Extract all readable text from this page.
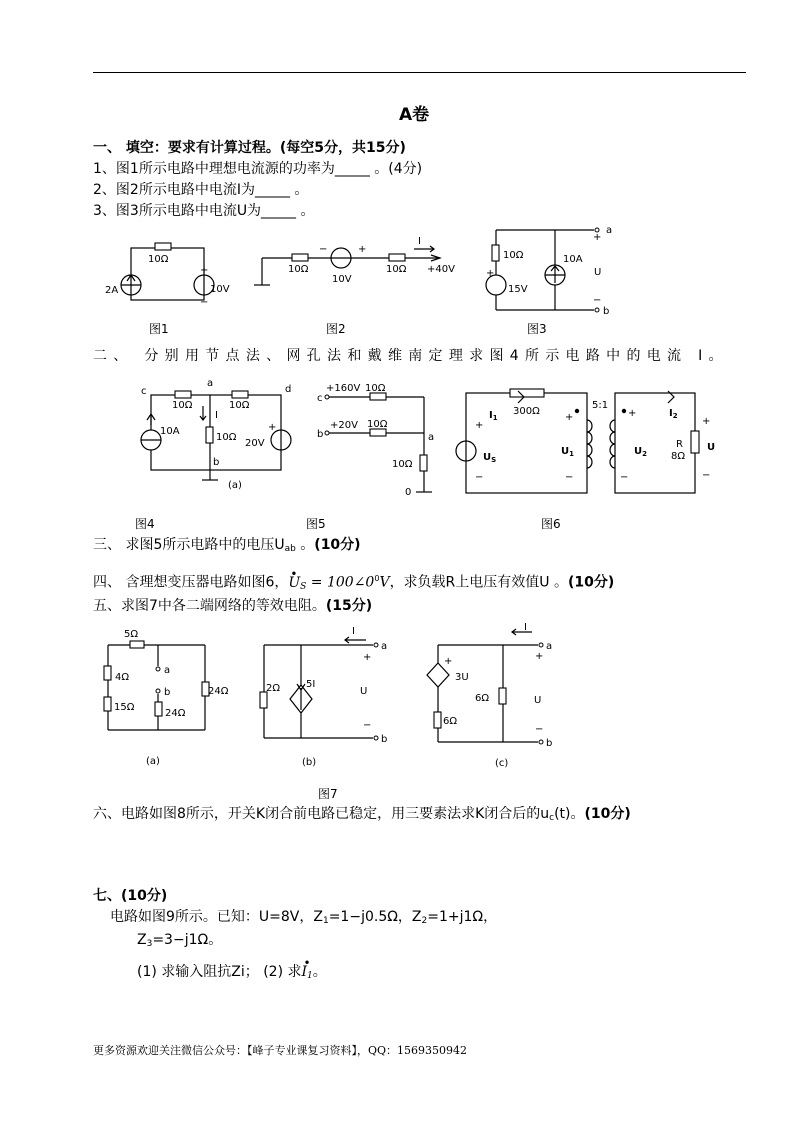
A卷
一、 填空：要求有计算过程。(每空5分，共15分)
1、图1所示电路中理想电流源的功率为_____ 。(4分)
2、图2所示电路中电流I为_____ 。
3、图3所示电路中电流U为_____ 。
10Ω
2A	10V
+
−
图1
10Ω
10V
10Ω
I
+40V
−	+
图2
10Ω
15V
10A
U
a
b
+
−
+
图3
二、 分别用节点法、网孔法和戴维南定理求图4所示电路中的电流 I。
c
a
d
b
10Ω	10Ω
10Ω
10A
20V
I
+
(a)
图4
+160V
+20V
10Ω
10Ω
10Ω
c
b	a
0
图5
300Ω
5:1
R
8Ω
$I_1$	$I_2$
$U_S$
$U_1$	$U_2$
U
+
−
+
−
+
−
+
−
图6
三、 求图5所示电路中的电压$U_{ab}$ 。(10分)
四、 含理想变压器电路如图6，• $U_S$ = $100\angle 0^0V$，求负载R上电压有效值U 。(10分)
五、求图7中各二端网络的等效电阻。(15分)
5Ω
4Ω
15Ω
24Ω
24Ω
a
b
(a)
2Ω	5I
I
U
a
b
+
−
(b)
3U
6Ω
6Ω
I
U
a
b
+
−
+
(c)
图7
六、电路如图8所示，开关K闭合前电路已稳定，用三要素法求K闭合后的$u_c(t)$。(10分)
七、(10分)
电路如图9所示。已知：U=8V，$Z_1=1-j0.5\Omega$，$Z_2=1+j1\Omega$，
$Z_3=3-j1\Omega$。
(1) 求输入阻抗Zi； (2) 求• $I_1$。
更多资源欢迎关注微信公众号：【峰子专业课复习资料】，QQ：1569350942
